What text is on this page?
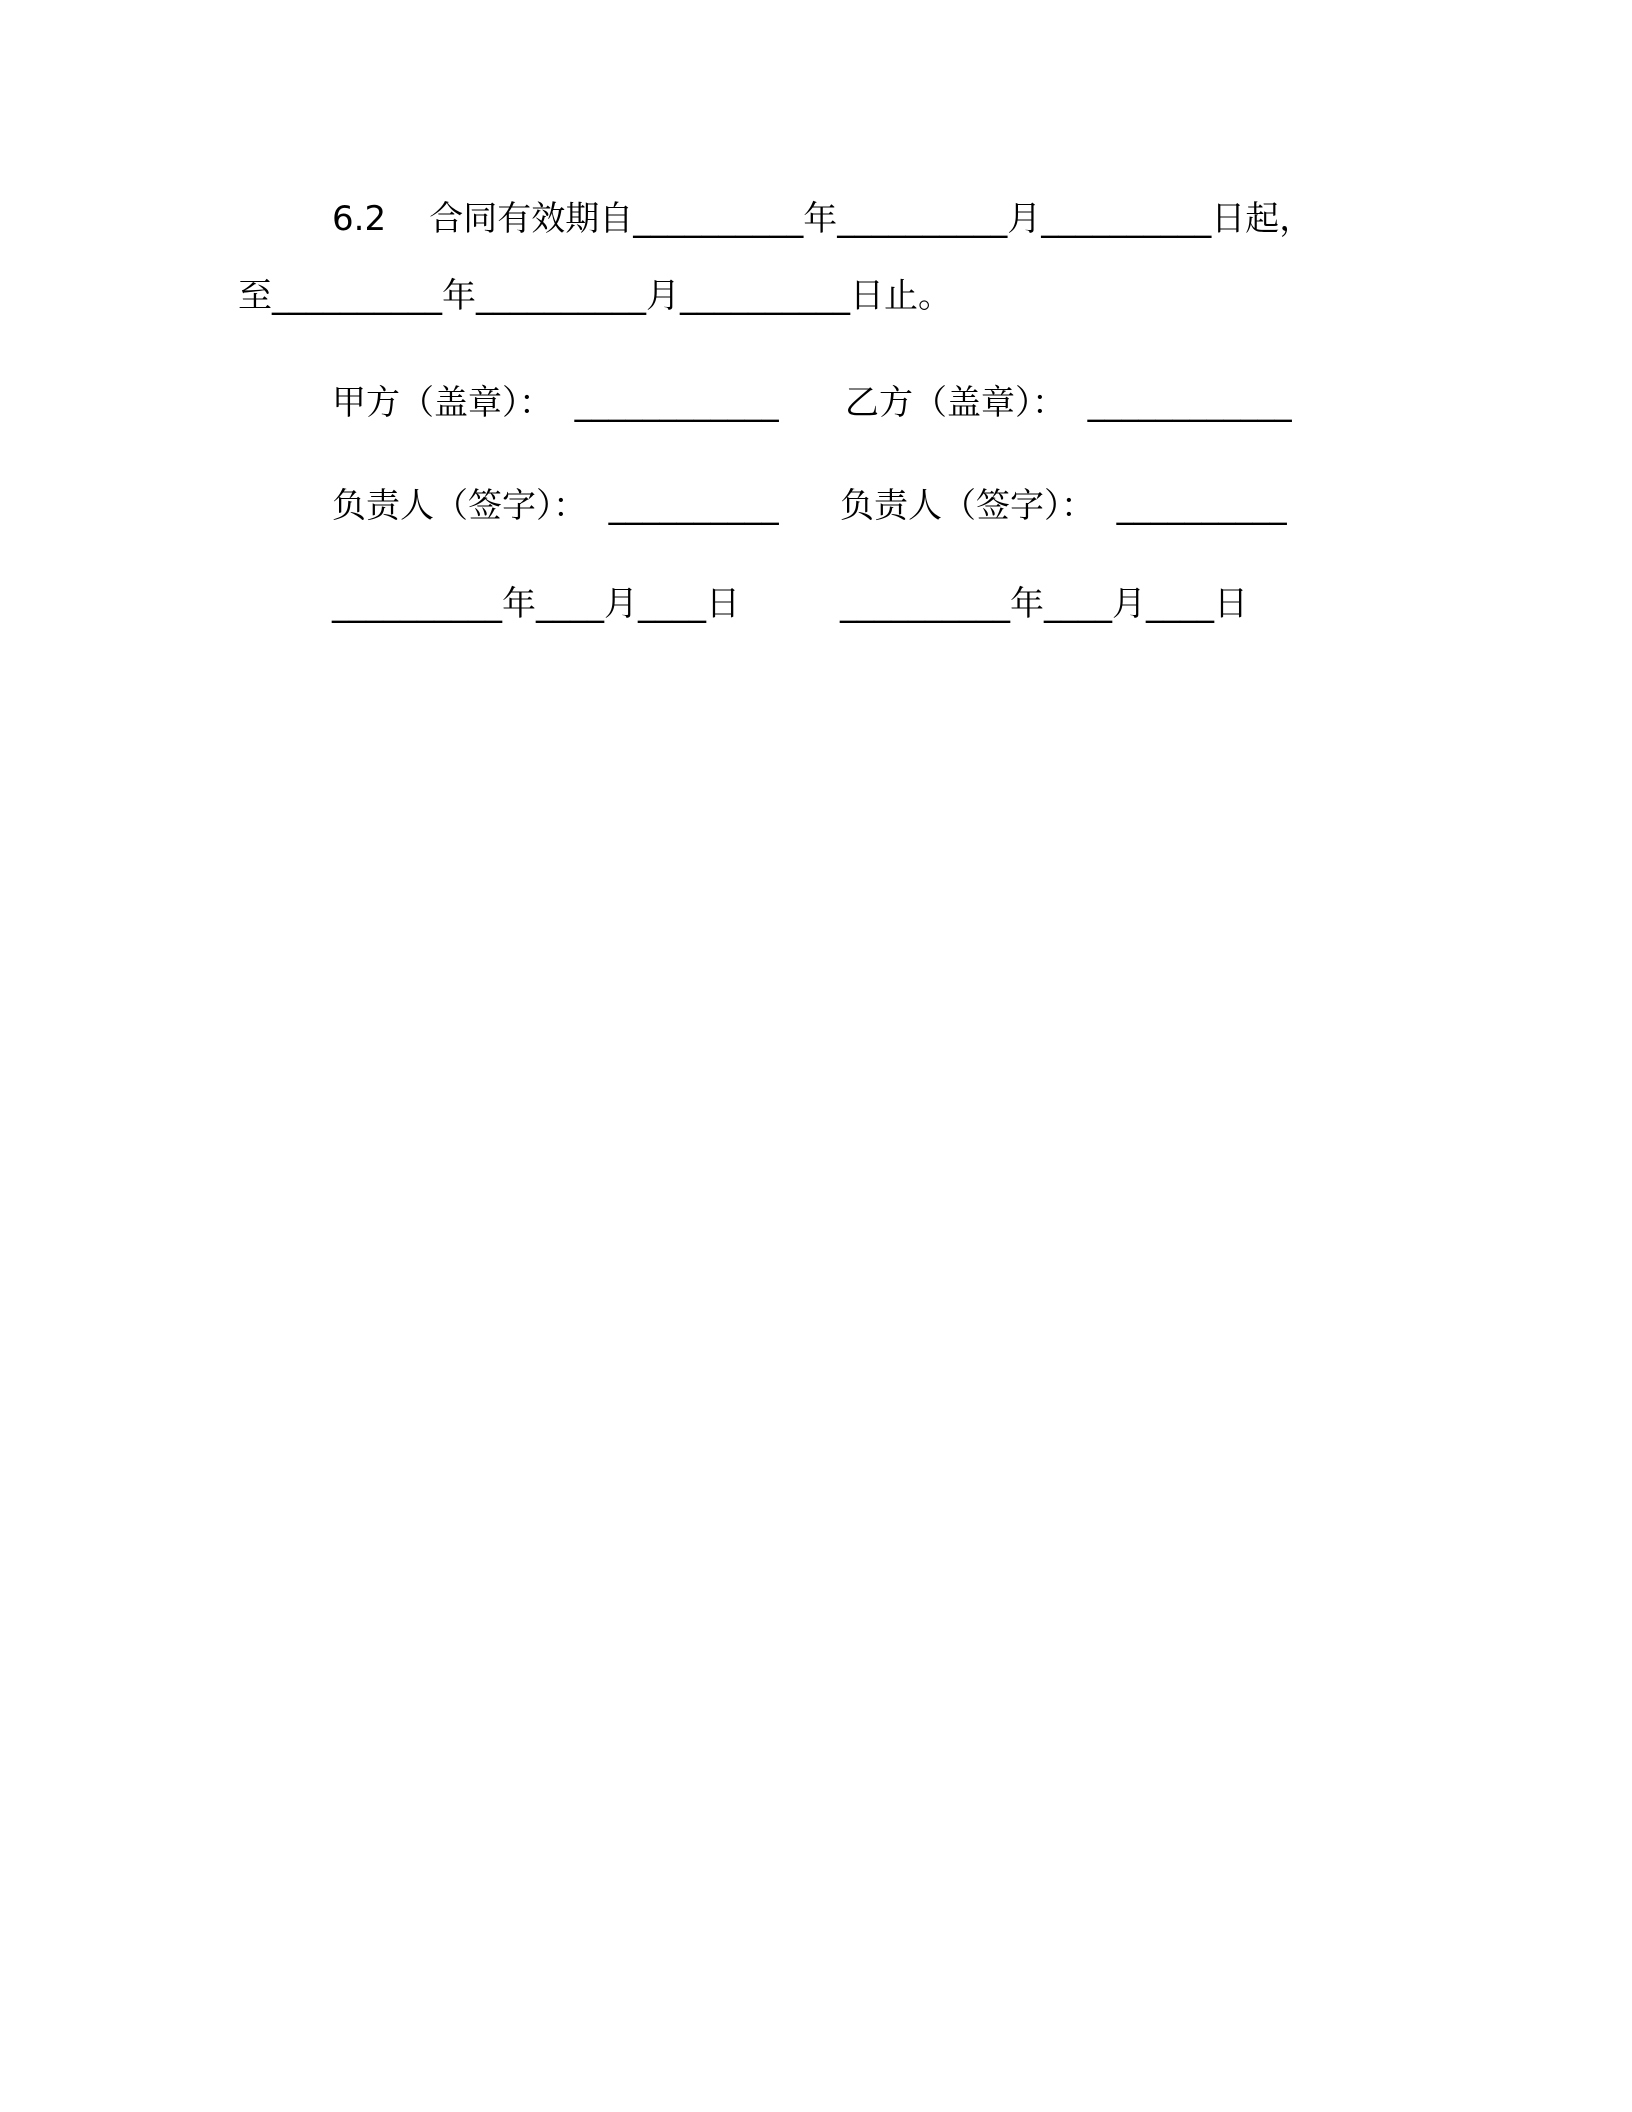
6.2    合同有效期自__________年__________月__________日起，
至__________年__________月__________日止。
甲方（盖章）：  ____________ 乙方（盖章）：  ____________
负责人（签字）：  __________ 负责人（签字）：  __________
__________年____月____日	__________年____月____日
